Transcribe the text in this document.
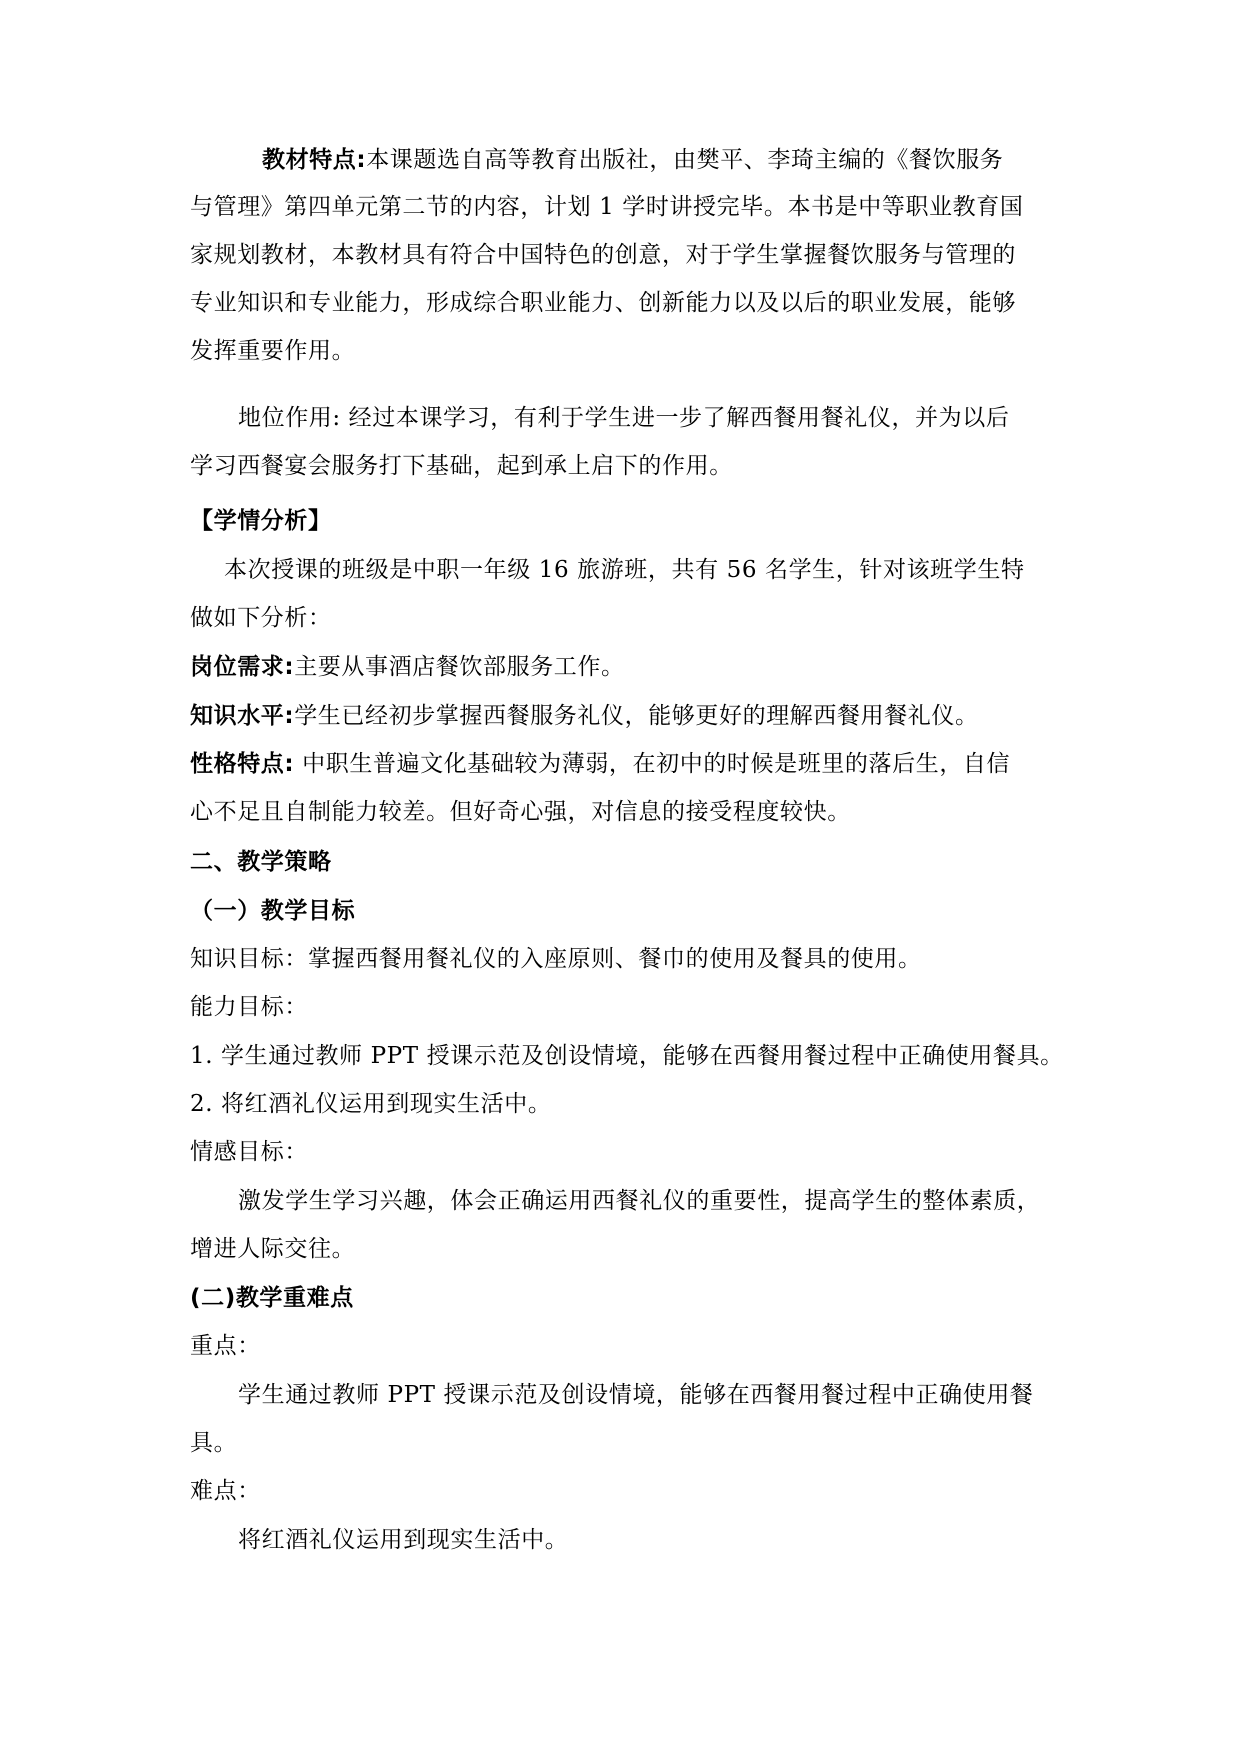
教材特点:本课题选自高等教育出版社，由樊平、李琦主编的《餐饮服务
与管理》第四单元第二节的内容，计划 1 学时讲授完毕。本书是中等职业教育国
家规划教材，本教材具有符合中国特色的创意，对于学生掌握餐饮服务与管理的
专业知识和专业能力，形成综合职业能力、创新能力以及以后的职业发展，能够
发挥重要作用。
地位作用: 经过本课学习，有利于学生进一步了解西餐用餐礼仪，并为以后
学习西餐宴会服务打下基础，起到承上启下的作用。
【学情分析】
本次授课的班级是中职一年级 16 旅游班，共有 56 名学生，针对该班学生特
做如下分析：
岗位需求:主要从事酒店餐饮部服务工作。
知识水平:学生已经初步掌握西餐服务礼仪，能够更好的理解西餐用餐礼仪。
性格特点: 中职生普遍文化基础较为薄弱，在初中的时候是班里的落后生，自信
心不足且自制能力较差。但好奇心强，对信息的接受程度较快。
二、教学策略
（一）教学目标
知识目标：掌握西餐用餐礼仪的入座原则、餐巾的使用及餐具的使用。
能力目标：
1. 学生通过教师 PPT 授课示范及创设情境，能够在西餐用餐过程中正确使用餐具。
2. 将红酒礼仪运用到现实生活中。
情感目标：
激发学生学习兴趣，体会正确运用西餐礼仪的重要性，提高学生的整体素质，
增进人际交往。
(二)教学重难点
重点：
学生通过教师 PPT 授课示范及创设情境，能够在西餐用餐过程中正确使用餐
具。
难点：
将红酒礼仪运用到现实生活中。
